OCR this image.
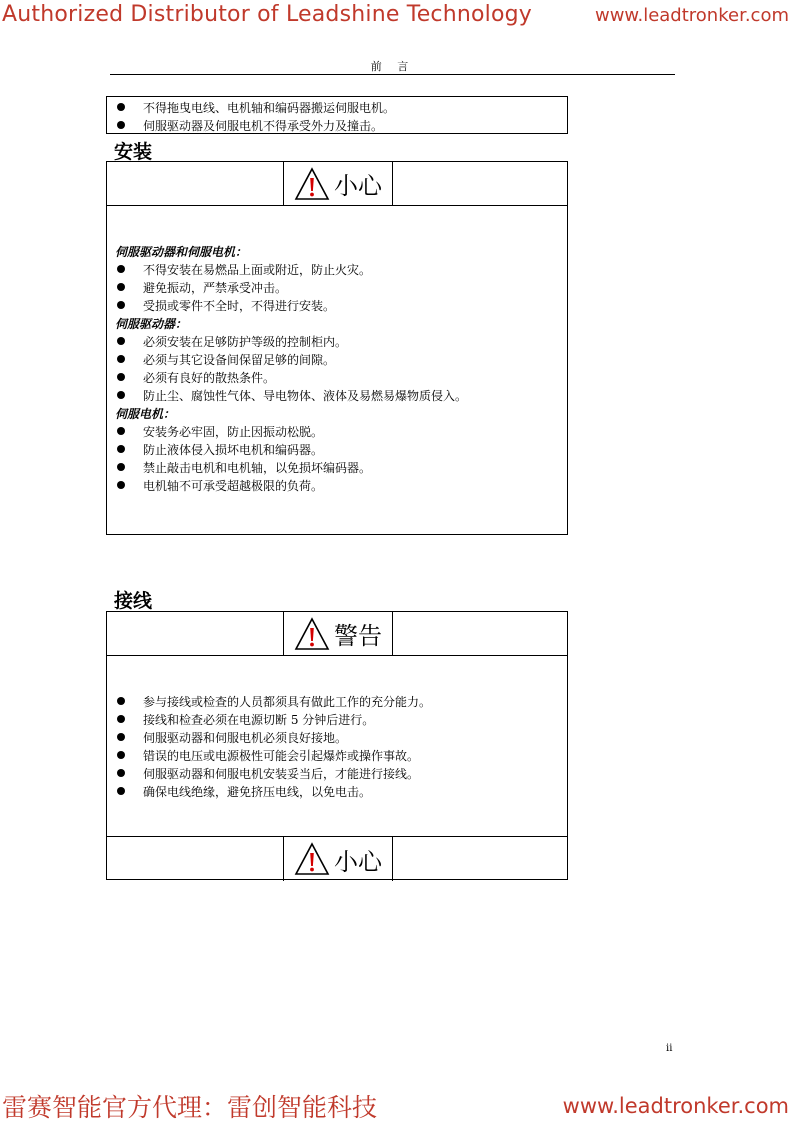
Authorized Distributor of Leadshine Technology	www.leadtronker.com
前 言
不得拖曳电线、电机轴和编码器搬运伺服电机。
伺服驱动器及伺服电机不得承受外力及撞击。
安装
小心
伺服驱动器和伺服电机：
不得安装在易燃品上面或附近，防止火灾。
避免振动，严禁承受冲击。
受损或零件不全时，不得进行安装。
伺服驱动器：
必须安装在足够防护等级的控制柜内。
必须与其它设备间保留足够的间隙。
必须有良好的散热条件。
防止尘、腐蚀性气体、导电物体、液体及易燃易爆物质侵入。
伺服电机：
安装务必牢固，防止因振动松脱。
防止液体侵入损坏电机和编码器。
禁止敲击电机和电机轴，以免损坏编码器。
电机轴不可承受超越极限的负荷。
接线
警告
参与接线或检查的人员都须具有做此工作的充分能力。
接线和检查必须在电源切断 5 分钟后进行。
伺服驱动器和伺服电机必须良好接地。
错误的电压或电源极性可能会引起爆炸或操作事故。
伺服驱动器和伺服电机安装妥当后，才能进行接线。
确保电线绝缘，避免挤压电线，以免电击。
小心
ii
雷赛智能官方代理：雷创智能科技	www.leadtronker.com
